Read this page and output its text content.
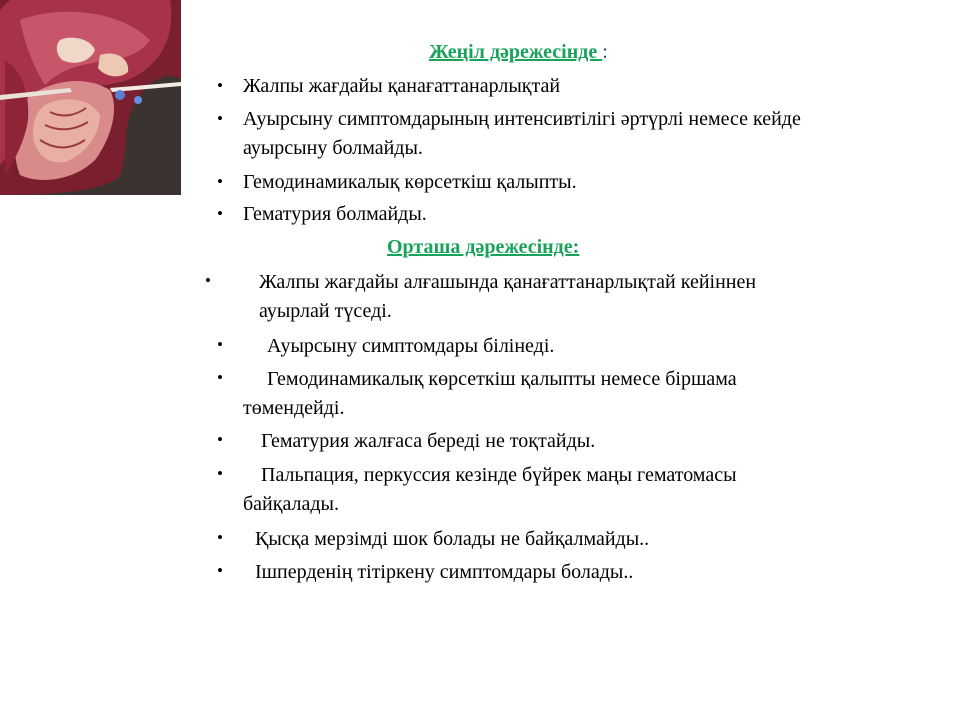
Жеңіл дәрежесінде :
• Жалпы жағдайы қанағаттанарлықтай
• Ауырсыну симптомдарының интенсивтілігі әртүрлі немесе кейде
ауырсыну болмайды.
• Гемодинамикалық көрсеткіш қалыпты.
• Гематурия болмайды.
Орташа дәрежесінде:
• Жалпы жағдайы алғашында қанағаттанарлықтай кейіннен
ауырлай түседі.
• Ауырсыну симптомдары білінеді.
• Гемодинамикалық көрсеткіш қалыпты немесе біршама
төмендейді.
• Гематурия жалғаса береді не тоқтайды.
• Пальпация, перкуссия кезінде бүйрек маңы гематомасы
байқалады.
• Қысқа мерзімді шок болады не байқалмайды..
• Ішперденің тітіркену симптомдары болады..
